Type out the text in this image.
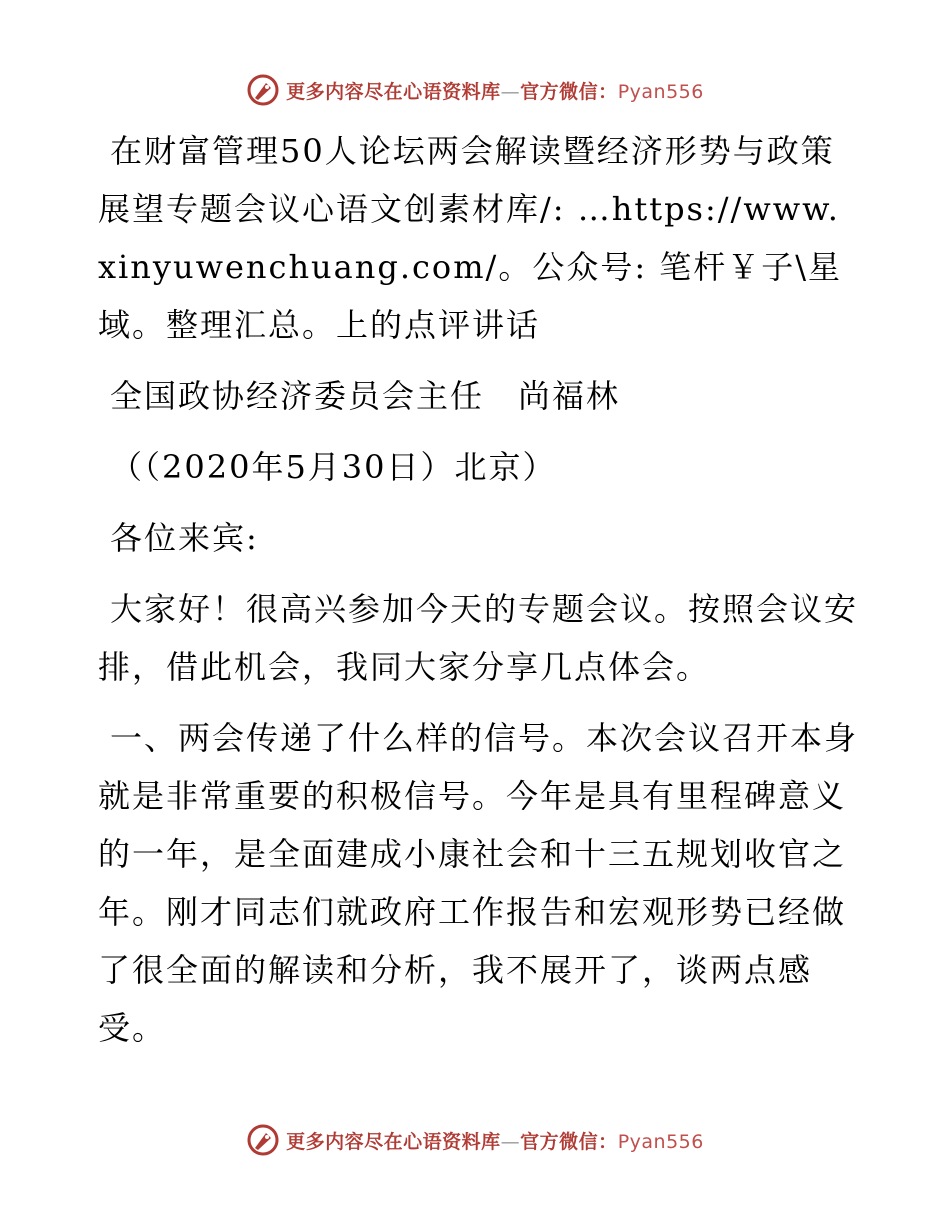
更多内容尽在心语资料库—官方微信：Pyan556

在财富管理50人论坛两会解读暨经济形势与政策展望专题会议心语文创素材库/: …https://www.xinyuwenchuang.com/。公众号: 笔杆￥子\星域。整理汇总。上的点评讲话

全国政协经济委员会主任　尚福林

（（2020年5月30日）北京）

各位来宾:

大家好！很高兴参加今天的专题会议。按照会议安排，借此机会，我同大家分享几点体会。

一、两会传递了什么样的信号。本次会议召开本身就是非常重要的积极信号。今年是具有里程碑意义的一年，是全面建成小康社会和十三五规划收官之年。刚才同志们就政府工作报告和宏观形势已经做了很全面的解读和分析，我不展开了，谈两点感受。

更多内容尽在心语资料库—官方微信：Pyan556
